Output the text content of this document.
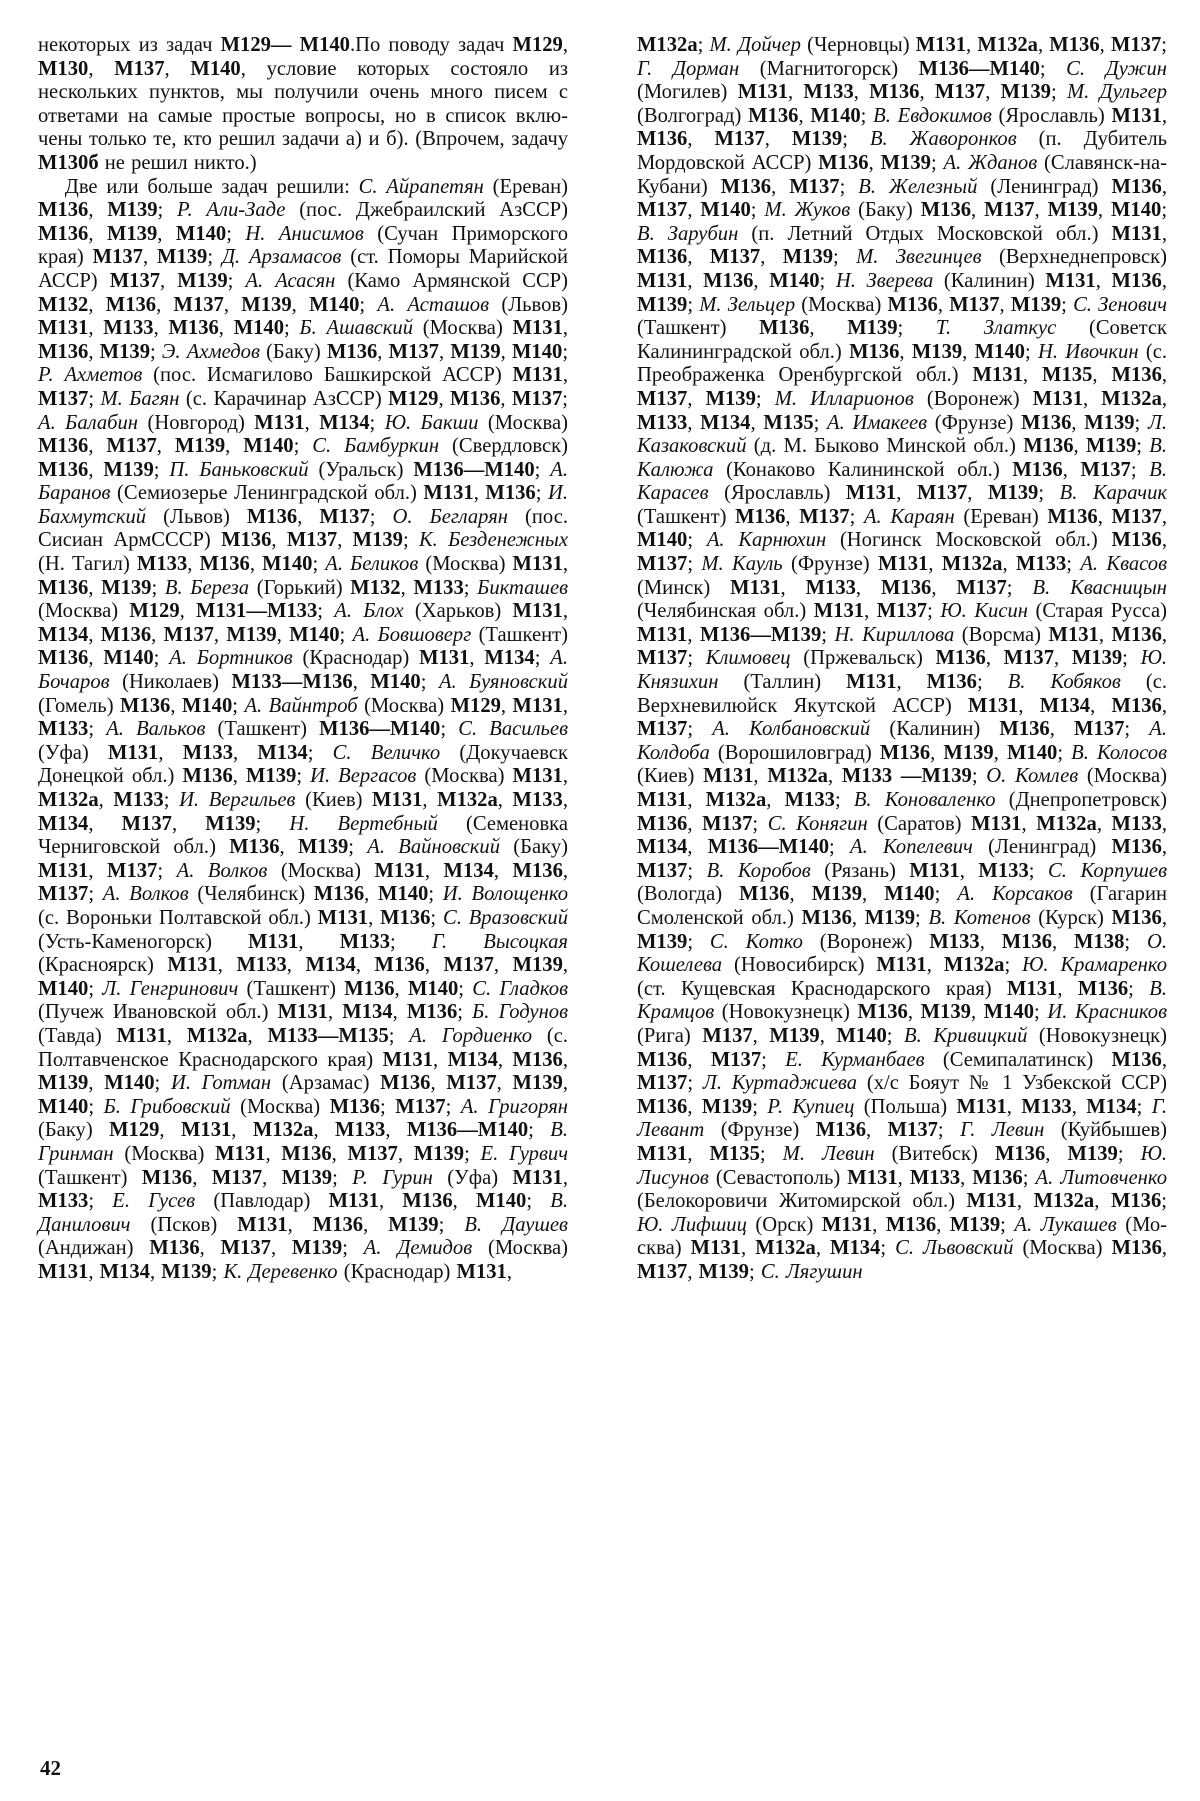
некоторых из задач М129— М140.По поводу задач М129, М130, М137, М140, условие которых состояло из нескольких пунктов, мы получили очень много писем с ответами на самые простые вопросы, но в список включены только те, кто решил задачи а) и б). (Впрочем, задачу М130б не решил никто.)

Две или больше задач решили: С. Айрапетян (Ереван) М136, М139; Р. Али-Заде (пос. Джебраилский АзССР) М136, М139, М140; Н. Анисимов (Сучан Приморского края) М137, М139; Д. Арзамасов (ст. Поморы Марийской АССР) М137, М139; А. Асасян (Камо Армянской ССР) М132, М136, М137, М139, М140; А. Асташов (Львов) М131, М133, М136, М140; Б. Ашавский (Москва) М131, М136, М139; Э. Ахмедов (Баку) М136, М137, М139, М140; Р. Ахметов (пос. Исмагилово Башкирской АССР) М131, М137; М. Багян (с. Карачинар АзССР) М129, М136, М137; А. Балабин (Новгород) М131, М134; Ю. Бакши (Москва) М136, М137, М139, М140; С. Бамбуркин (Свердловск) М136, М139; П. Баньковский (Уральск) М136—М140; А. Баранов (Семиозерье Ленинградской обл.) М131, М136; И. Бахмутский (Львов) М136, М137; О. Бегларян (пос. Сисиан АрмСССР) М136, М137, М139; К. Безденежных (Н. Тагил) М133, М136, М140; А. Беликов (Москва) М131, М136, М139; В. Береза (Горький) М132, М133; Бикташев (Москва) М129, М131—М133; А. Блох (Харьков) М131, М134, М136, М137, М139, М140; А. Бовшоверг (Ташкент) М136, М140; А. Бортников (Краснодар) М131, М134; А. Бочаров (Николаев) М133—М136, М140; А. Буяновский (Гомель) М136, М140; А. Вайнтроб (Москва) М129, М131, М133; А. Вальков (Ташкент) М136—М140; С. Васильев (Уфа) М131, М133, М134; С. Величко (Докучаевск Донецкой обл.) М136, М139; И. Вергасов (Москва) М131, М132а, М133; И. Вергильев (Киев) М131, М132а, М133, М134, М137, М139; Н. Вертебный (Семеновка Черниговской обл.) М136, М139; А. Вайновский (Баку) М131, М137; А. Волков (Москва) М131, М134, М136, М137; А. Волков (Челябинск) М136, М140; И. Волощенко (с. Вороньки Полтавской обл.) М131, М136; С. Вразовский (Усть-Каменогорск) М131, М133; Г. Высоцкая (Красноярск) М131, М133, М134, М136, М137, М139, М140; Л. Генгринович (Ташкент) М136, М140; С. Гладков (Пучеж Ивановской обл.) М131, М134, М136; Б. Годунов (Тавда) М131, М132а, М133—М135; А. Гордиенко (с. Полтавченское Краснодарского края) М131, М134, М136, М139, М140; И. Готман (Арзамас) М136, М137, М139, М140; Б. Грибовский (Москва) М136; М137; А. Григорян (Баку) М129, М131, М132а, М133, М136—М140; В. Гринман (Москва) М131, М136, М137, М139; Е. Гурвич (Ташкент) М136, М137, М139; Р. Гурин (Уфа) М131, М133; Е. Гусев (Павлодар) М131, М136, М140; В. Данилович (Псков) М131, М136, М139; В. Даушев (Андижан) М136, М137, М139; А. Демидов (Москва) М131, М134, М139; К. Деревенко (Краснодар) М131,

М132а; М. Дойчер (Черновцы) М131, М132а, М136, М137; Г. Дорман (Магнитогорск) М136—М140; С. Дужин (Могилев) М131, М133, М136, М137, М139; М. Дульгер (Волгоград) М136, М140; В. Евдокимов (Ярославль) М131, М136, М137, М139; В. Жаворонков (п. Дубитель Мордовской АССР) М136, М139; А. Жданов (Славянск-на-Кубани) М136, М137; В. Железный (Ленинград) М136, М137, М140; М. Жуков (Баку) М136, М137, М139, М140; В. Зарубин (п. Летний Отдых Московской обл.) М131, М136, М137, М139; М. Звегинцев (Верхнеднепровск) М131, М136, М140; Н. Зверева (Калинин) М131, М136, М139; М. Зельцер (Москва) М136, М137, М139; С. Зенович (Ташкент) М136, М139; Т. Златкус (Советск Калининградской обл.) М136, М139, М140; Н. Ивочкин (с. Преображенка Оренбургской обл.) М131, М135, М136, М137, М139; М. Илларионов (Воронеж) М131, М132а, М133, М134, М135; А. Имакеев (Фрунзе) М136, М139; Л. Казаковский (д. М. Быково Минской обл.) М136, М139; В. Калюжа (Конаково Калининской обл.) М136, М137; В. Карасев (Ярославль) М131, М137, М139; В. Карачик (Ташкент) М136, М137; А. Караян (Ереван) М136, М137, М140; А. Карнюхин (Ногинск Московской обл.) М136, М137; М. Кауль (Фрунзе) М131, М132а, М133; А. Квасов (Минск) М131, М133, М136, М137; В. Квасницын (Челябинская обл.) М131, М137; Ю. Кисин (Старая Русса) М131, М136—М139; Н. Кириллова (Ворсма) М131, М136, М137; Климовец (Пржевальск) М136, М137, М139; Ю. Князихин (Таллин) М131, М136; В. Кобяков (с. Верхневилюйск Якутской АССР) М131, М134, М136, М137; А. Колбановский (Калинин) М136, М137; А. Колдоба (Ворошиловград) М136, М139, М140; В. Колосов (Киев) М131, М132а, М133 —М139; О. Комлев (Москва) М131, М132а, М133; В. Коноваленко (Днепропетровск) М136, М137; С. Конягин (Саратов) М131, М132а, М133, М134, М136—М140; А. Копелевич (Ленинград) М136, М137; В. Коробов (Рязань) М131, М133; С. Корпушев (Вологда) М136, М139, М140; А. Корсаков (Гагарин Смоленской обл.) М136, М139; В. Котенов (Курск) М136, М139; С. Котко (Воронеж) М133, М136, М138; О. Кошелева (Новосибирск) М131, М132а; Ю. Крамаренко (ст. Кущевская Краснодарского края) М131, М136; В. Крамцов (Новокузнецк) М136, М139, М140; И. Красников (Рига) М137, М139, М140; В. Кривицкий (Новокузнецк) М136, М137; Е. Курманбаев (Семипалатинск) М136, М137; Л. Куртаджиева (х/с Бояут № 1 Узбекской ССР) М136, М139; Р. Купиец (Польша) М131, М133, М134; Г. Левант (Фрунзе) М136, М137; Г. Левин (Куйбышев) М131, М135; М. Левин (Витебск) М136, М139; Ю. Лисунов (Севастополь) М131, М133, М136; А. Литовченко (Белокоровичи Житомирской обл.) М131, М132а, М136; Ю. Лифшиц (Орск) М131, М136, М139; А. Лукашев (Москва) М131, М132а, М134; С. Львовский (Москва) М136, М137, М139; С. Лягушин

42
